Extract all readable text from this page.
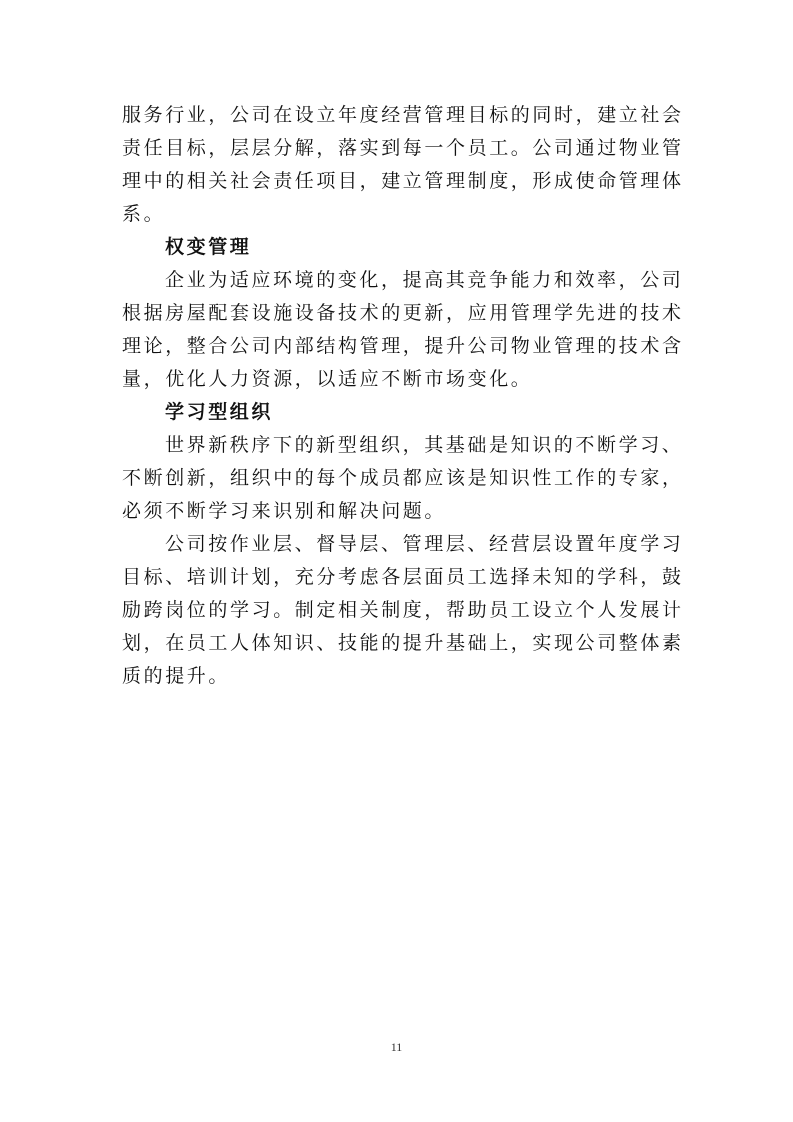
服务行业，公司在设立年度经营管理目标的同时，建立社会
责任目标，层层分解，落实到每一个员工。公司通过物业管
理中的相关社会责任项目，建立管理制度，形成使命管理体
系。
权变管理
企业为适应环境的变化，提高其竞争能力和效率，公司
根据房屋配套设施设备技术的更新，应用管理学先进的技术
理论，整合公司内部结构管理，提升公司物业管理的技术含
量，优化人力资源，以适应不断市场变化。
学习型组织
世界新秩序下的新型组织，其基础是知识的不断学习、
不断创新，组织中的每个成员都应该是知识性工作的专家，
必须不断学习来识别和解决问题。
公司按作业层、督导层、管理层、经营层设置年度学习
目标、培训计划，充分考虑各层面员工选择未知的学科，鼓
励跨岗位的学习。制定相关制度，帮助员工设立个人发展计
划，在员工人体知识、技能的提升基础上，实现公司整体素
质的提升。
11
